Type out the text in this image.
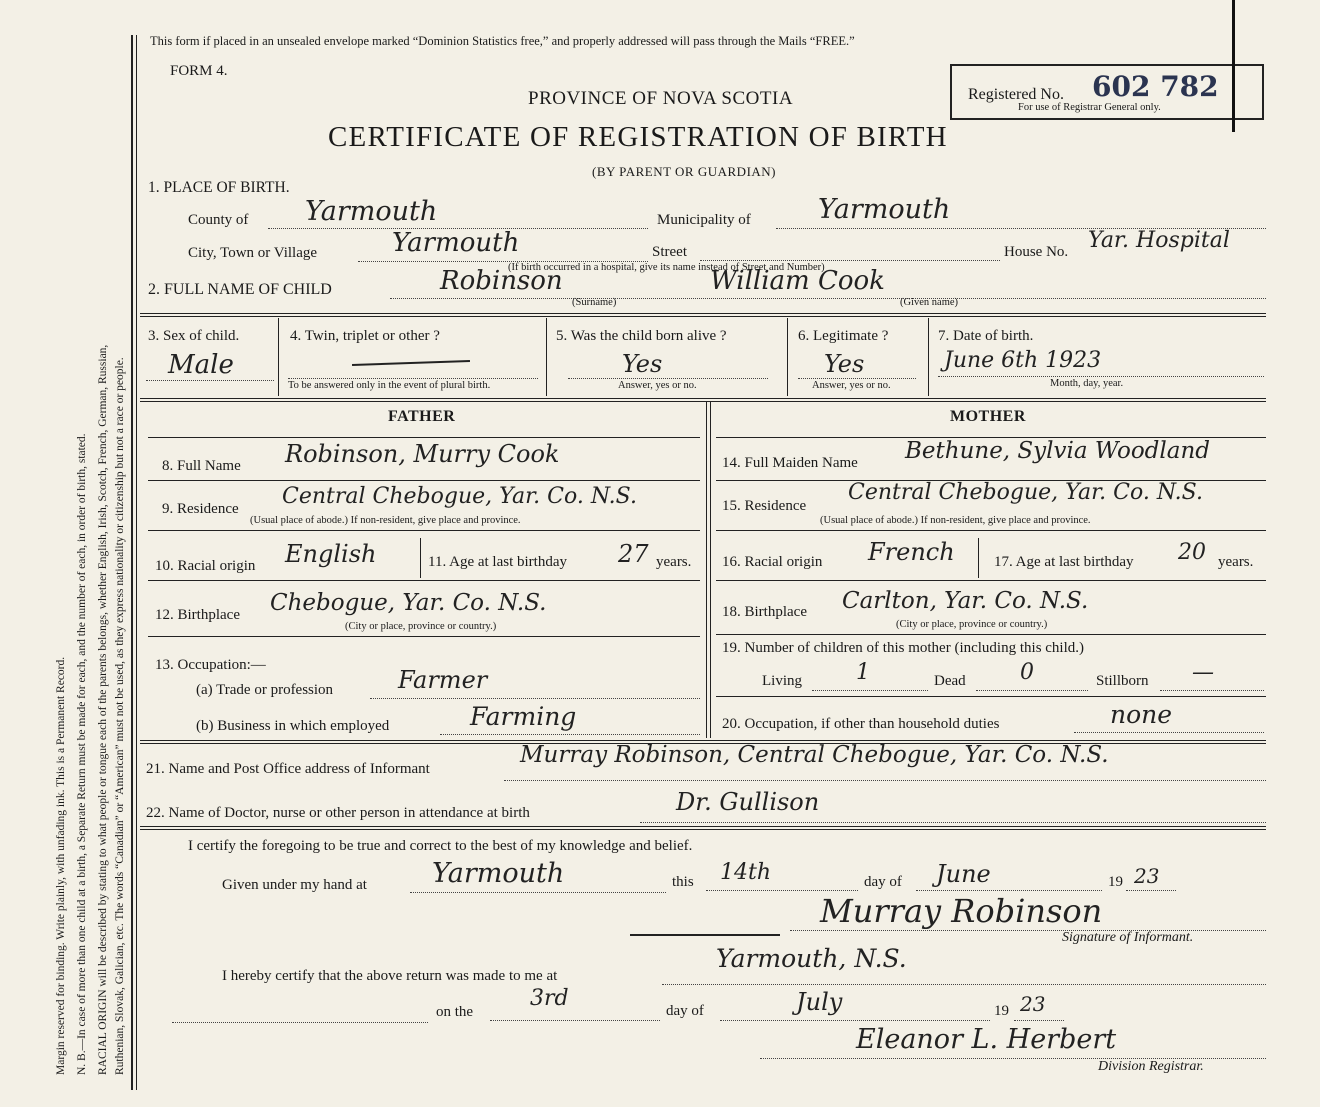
Margin reserved for binding. Write plainly, with unfading ink. This is a Permanent Record. N. B.—In case of more than one child at a birth, a Separate Return must be made for each, and the number of each, in order of birth, stated. RACIAL ORIGIN will be described by stating to what people or tongue each of the parents belongs, whether English, Irish, Scotch, French, German, Russian, Ruthenian, Slovak, Galician, etc. The words “Canadian” or “American” must not be used, as they express nationality or citizenship but not a race or people.
This form if placed in an unsealed envelope marked “Dominion Statistics free,” and properly addressed will pass through the Mails “FREE.”
FORM 4.
PROVINCE OF NOVA SCOTIA
CERTIFICATE OF REGISTRATION OF BIRTH
(BY PARENT OR GUARDIAN)
Registered No. 602 782
For use of Registrar General only.
1. PLACE OF BIRTH.
County of Yarmouth	Municipality of Yarmouth
City, Town or Village	Yarmouth	Street	House No. Yar. Hospital
(If birth occurred in a hospital, give its name instead of Street and Number)
2. FULL NAME OF CHILD	Robinson
(Surname)
William Cook
(Given name)
3. Sex of child.
Male
4. Twin, triplet or other ?
To be answered only in the event of plural birth.
5. Was the child born alive ?
Yes
Answer, yes or no.
6. Legitimate ?
Yes
Answer, yes or no.
7. Date of birth.
June 6th 1923
Month, day, year.
FATHER
8. Full Name Robinson, Murry Cook
9. Residence Central Chebogue, Yar. Co. N.S.
(Usual place of abode.) If non-resident, give place and province.
10. Racial origin English	11. Age at last birthday 27 years.
12. Birthplace Chebogue, Yar. Co. N.S.
(City or place, province or country.)
13. Occupation:—
(a) Trade or profession	Farmer
(b) Business in which employed	Farming
MOTHER
14. Full Maiden Name Bethune, Sylvia Woodland
15. Residence
Central Chebogue, Yar. Co. N.S.
(Usual place of abode.) If non-resident, give place and province.
16. Racial origin French	17. Age at last birthday 20 years.
18. Birthplace Carlton, Yar. Co. N.S.
(City or place, province or country.)
19. Number of children of this mother (including this child.)
Living 1	Dead 0	Stillborn —
20. Occupation, if other than household duties	none
21. Name and Post Office address of Informant
Murray Robinson, Central Chebogue, Yar. Co. N.S.
22. Name of Doctor, nurse or other person in attendance at birth	Dr. Gullison
I certify the foregoing to be true and correct to the best of my knowledge and belief.
Given under my hand at Yarmouth	this 14th	day of June	19 23
Murray Robinson
Signature of Informant.
I hereby certify that the above return was made to me at
Yarmouth, N.S.
on the
3rd	day of	July	19 23
Eleanor L. Herbert
Division Registrar.
